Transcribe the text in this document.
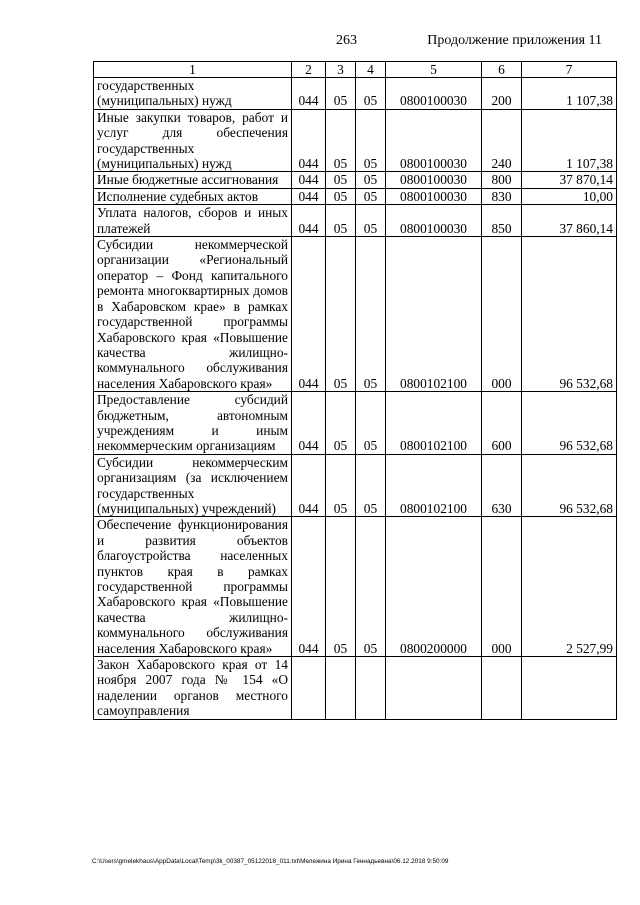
263	Продолжение приложения 11
1	2	3	4	5	6	7
государственных (муниципальных) нужд	044	05	05	0800100030	200	1 107,38
Иные закупки товаров, работ и услуг для обеспечения государственных (муниципальных) нужд	044	05	05	0800100030	240	1 107,38
Иные бюджетные ассигнования	044	05	05	0800100030	800	37 870,14
Исполнение судебных актов	044	05	05	0800100030	830	10,00
Уплата налогов, сборов и иных платежей	044	05	05	0800100030	850	37 860,14
Субсидии некоммерческой организации «Региональный оператор – Фонд капитального ремонта многоквартирных домов в Хабаровском крае» в рамках государственной программы Хабаровского края «Повышение качества жилищно-коммунального обслуживания населения Хабаровского края»	044	05	05	0800102100	000	96 532,68
Предоставление субсидий бюджетным, автономным учреждениям и иным некоммерческим организациям	044	05	05	0800102100	600	96 532,68
Субсидии некоммерческим организациям (за исключением государственных (муниципальных) учреждений)	044	05	05	0800102100	630	96 532,68
Обеспечение функционирования и развития объектов благоустройства населенных пунктов края в рамках государственной программы Хабаровского края «Повышение качества жилищно-коммунального обслуживания населения Хабаровского края»	044	05	05	0800200000	000	2 527,99
Закон Хабаровского края от 14 ноября 2007 года № 154 «О наделении органов местного самоуправления						
C:\Users\gmelekhaus\AppData\Local\Temp\3k_00387_05122018_011.txt\Мележина Ирина Геннадьевна\06.12.2018 9:50:09
